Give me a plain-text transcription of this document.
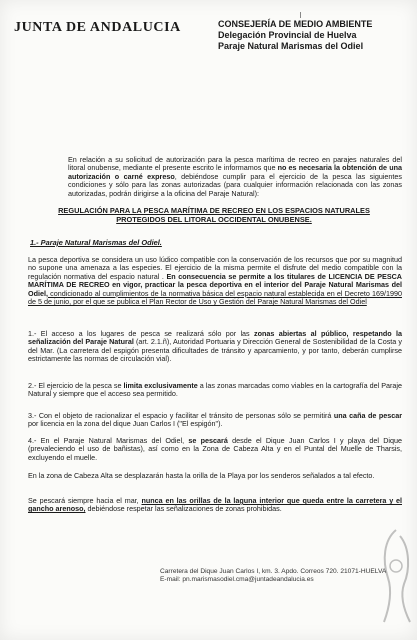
JUNTA DE ANDALUCIA	CONSEJERÍA DE MEDIO AMBIENTE
Delegación Provincial de Huelva
Paraje Natural Marismas del Odiel

En relación a su solicitud de autorización para la pesca marítima de recreo en parajes naturales del litoral onubense, mediante el presente escrito le informamos que no es necesaria la obtención de una autorización o carné expreso, debiéndose cumplir para el ejercicio de la pesca las siguientes condiciones y sólo para las zonas autorizadas (para cualquier información relacionada con las zonas autorizadas, podrán dirigirse a la oficina del Paraje Natural):

REGULACIÓN PARA LA PESCA MARÍTIMA DE RECREO EN LOS ESPACIOS NATURALES PROTEGIDOS DEL LITORAL OCCIDENTAL ONUBENSE.
1.- Paraje Natural Marismas del Odiel.

La pesca deportiva se considera un uso lúdico compatible con la conservación de los recursos que por su magnitud no supone una amenaza a las especies. El ejercicio de la misma permite el disfrute del medio compatible con la regulación normativa del espacio natural . En consecuencia se permite a los titulares de LICENCIA DE PESCA MARÍTIMA DE RECREO en vigor, practicar la pesca deportiva en el interior del Paraje Natural Marismas del Odiel, condicionado al cumplimientos de la normativa básica del espacio natural establecida en el Decreto 169/1990 de 5 de junio, por el que se publica el Plan Rector de Uso y Gestión del Paraje Natural Marismas del Odiel

1.- El acceso a los lugares de pesca se realizará sólo por las zonas abiertas al público, respetando la señalización del Paraje Natural (art. 2.1.ñ), Autoridad Portuaria y Dirección General de Sostenibilidad de la Costa y del Mar. (La carretera del espigón presenta dificultades de tránsito y aparcamiento, y por tanto, deberán cumplirse estrictamente las normas de circulación vial).

2.- El ejercicio de la pesca se limita exclusivamente a las zonas marcadas como viables en la cartografía del Paraje Natural y siempre que el acceso sea permitido.

3.- Con el objeto de racionalizar el espacio y facilitar el tránsito de personas sólo se permitirá una caña de pescar por licencia en la zona del dique Juan Carlos I ("El espigón").

4.- En el Paraje Natural Marismas del Odiel, se pescará desde el Dique Juan Carlos I y playa del Dique (prevaleciendo el uso de bañistas), así como en la Zona de Cabeza Alta y en el Puntal del Muelle de Tharsis, excluyendo el muelle.

En la zona de Cabeza Alta se desplazarán hasta la orilla de la Playa por los senderos señalados a tal efecto.

Se pescará siempre hacia el mar, nunca en las orillas de la laguna interior que queda entre la carretera y el gancho arenoso, debiéndose respetar las señalizaciones de zonas prohibidas.

Carretera del Dique Juan Carlos I, km. 3. Apdo. Correos 720. 21071-HUELVA
E-mail: pn.marismasodiel.cma@juntadeandalucia.es
